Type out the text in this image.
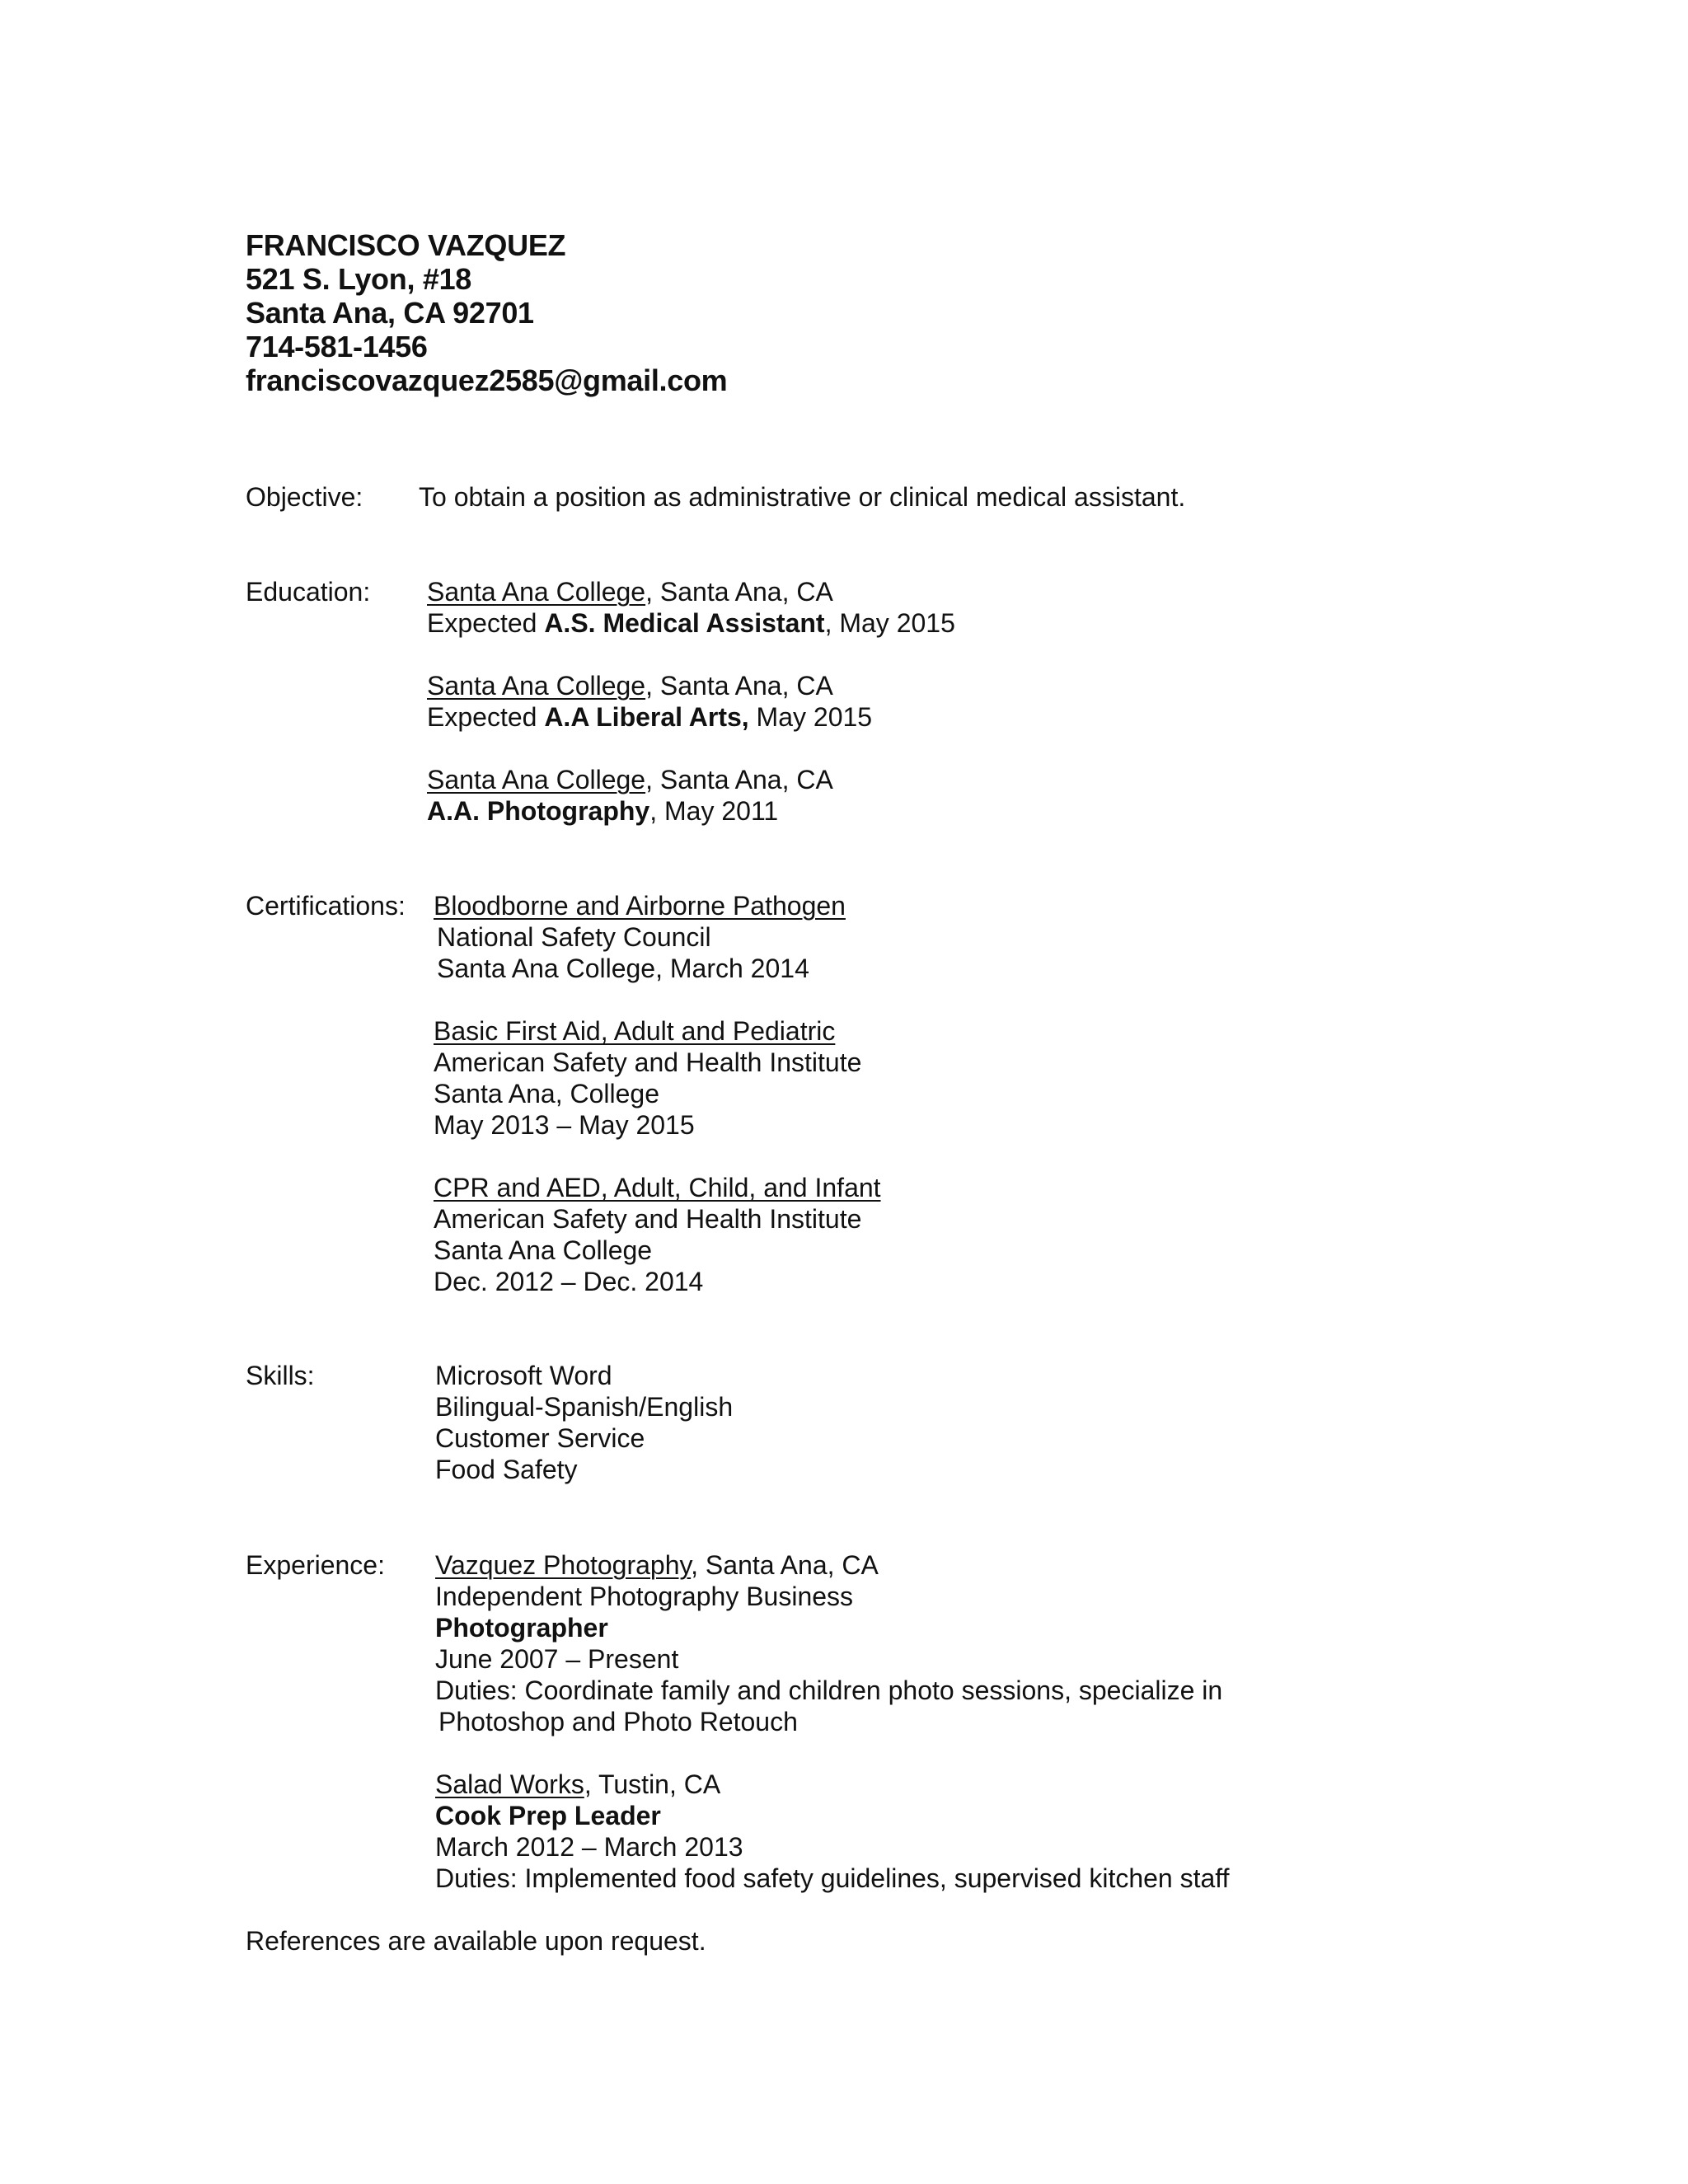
FRANCISCO VAZQUEZ
521 S. Lyon, #18
Santa Ana, CA 92701
714-581-1456
franciscovazquez2585@gmail.com
Objective: To obtain a position as administrative or clinical medical assistant.
Education: Santa Ana College, Santa Ana, CA
Expected A.S. Medical Assistant, May 2015
Santa Ana College, Santa Ana, CA
Expected A.A Liberal Arts, May 2015
Santa Ana College, Santa Ana, CA
A.A. Photography, May 2011
Certifications: Bloodborne and Airborne Pathogen
National Safety Council
Santa Ana College, March 2014
Basic First Aid, Adult and Pediatric
American Safety and Health Institute
Santa Ana, College
May 2013 – May 2015
CPR and AED, Adult, Child, and Infant
American Safety and Health Institute
Santa Ana College
Dec. 2012 – Dec. 2014
Skills:	Microsoft Word
Bilingual-Spanish/English
Customer Service
Food Safety
Experience: Vazquez Photography, Santa Ana, CA
Independent Photography Business
Photographer
June 2007 – Present
Duties: Coordinate family and children photo sessions, specialize in
Photoshop and Photo Retouch
Salad Works, Tustin, CA
Cook Prep Leader
March 2012 – March 2013
Duties: Implemented food safety guidelines, supervised kitchen staff
References are available upon request.
